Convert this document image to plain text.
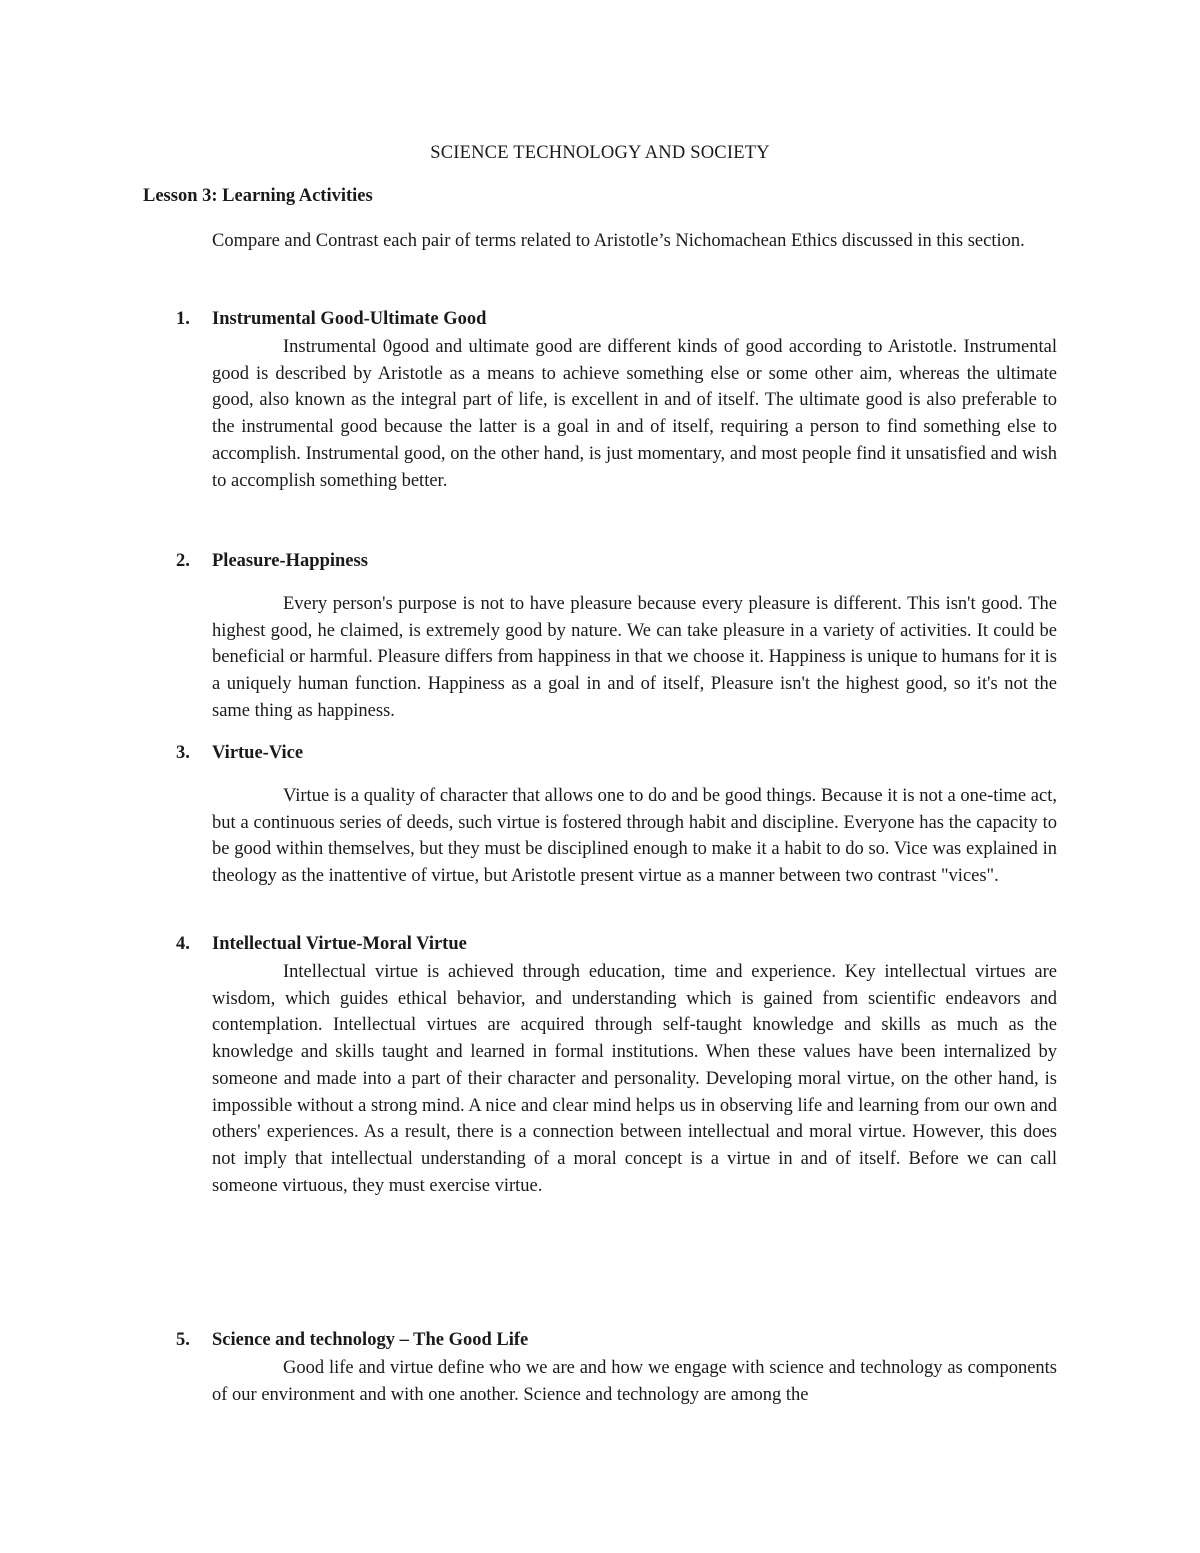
SCIENCE TECHNOLOGY AND SOCIETY
Lesson 3: Learning Activities
Compare and Contrast each pair of terms related to Aristotle’s Nichomachean Ethics discussed in this section.
1. Instrumental Good-Ultimate Good

Instrumental 0good and ultimate good are different kinds of good according to Aristotle. Instrumental good is described by Aristotle as a means to achieve something else or some other aim, whereas the ultimate good, also known as the integral part of life, is excellent in and of itself. The ultimate good is also preferable to the instrumental good because the latter is a goal in and of itself, requiring a person to find something else to accomplish. Instrumental good, on the other hand, is just momentary, and most people find it unsatisfied and wish to accomplish something better.

2. Pleasure-Happiness

Every person's purpose is not to have pleasure because every pleasure is different. This isn't good. The highest good, he claimed, is extremely good by nature. We can take pleasure in a variety of activities. It could be beneficial or harmful. Pleasure differs from happiness in that we choose it. Happiness is unique to humans for it is a uniquely human function. Happiness as a goal in and of itself, Pleasure isn't the highest good, so it's not the same thing as happiness.

3. Virtue-Vice

Virtue is a quality of character that allows one to do and be good things. Because it is not a one-time act, but a continuous series of deeds, such virtue is fostered through habit and discipline. Everyone has the capacity to be good within themselves, but they must be disciplined enough to make it a habit to do so. Vice was explained in theology as the inattentive of virtue, but Aristotle present virtue as a manner between two contrast "vices".

4. Intellectual Virtue-Moral Virtue

Intellectual virtue is achieved through education, time and experience. Key intellectual virtues are wisdom, which guides ethical behavior, and understanding which is gained from scientific endeavors and contemplation. Intellectual virtues are acquired through self-taught knowledge and skills as much as the knowledge and skills taught and learned in formal institutions. When these values have been internalized by someone and made into a part of their character and personality. Developing moral virtue, on the other hand, is impossible without a strong mind. A nice and clear mind helps us in observing life and learning from our own and others' experiences. As a result, there is a connection between intellectual and moral virtue. However, this does not imply that intellectual understanding of a moral concept is a virtue in and of itself. Before we can call someone virtuous, they must exercise virtue.

5. Science and technology – The Good Life

Good life and virtue define who we are and how we engage with science and technology as components of our environment and with one another. Science and technology are among the
